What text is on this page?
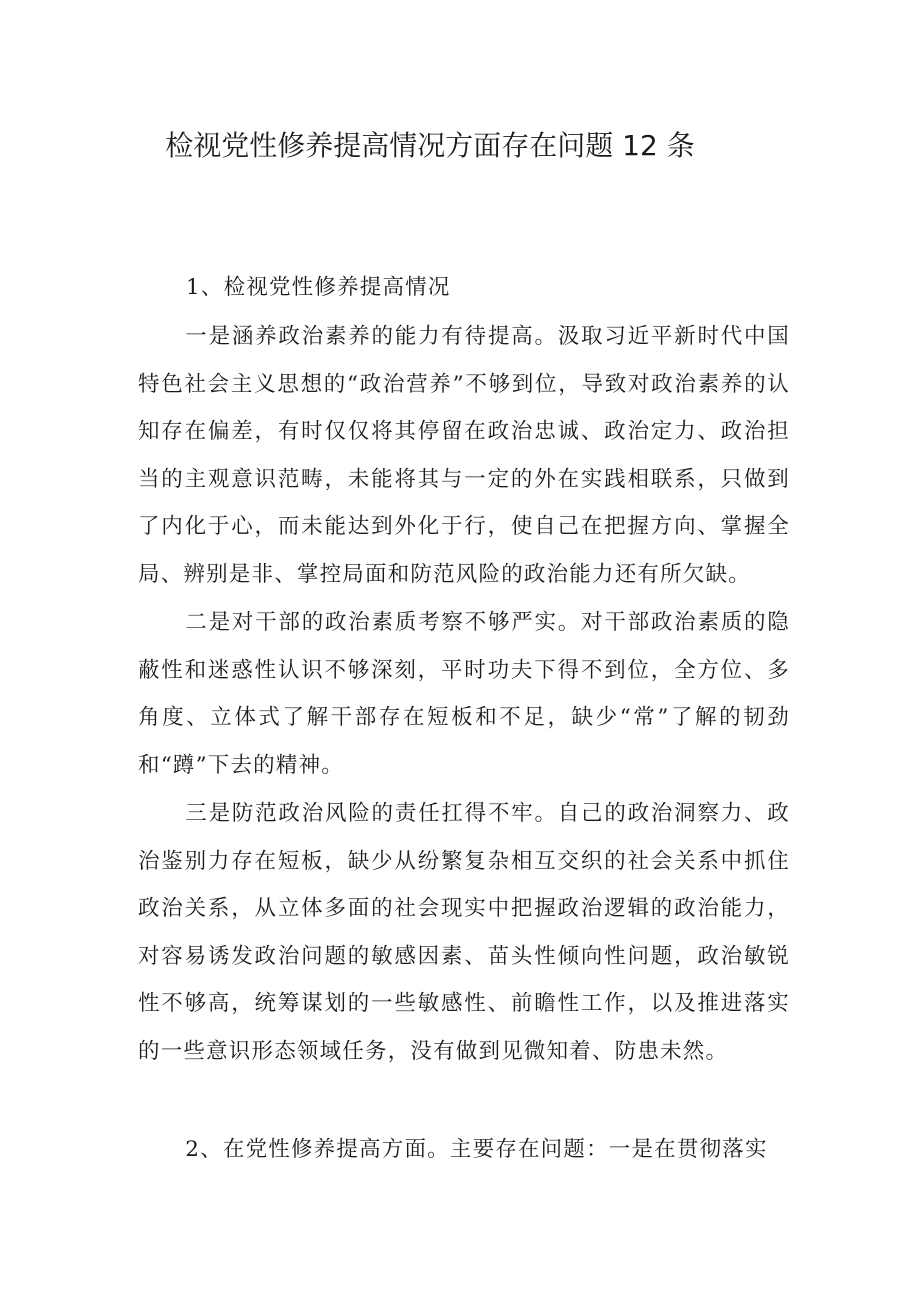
检视党性修养提高情况方面存在问题 12 条
1、检视党性修养提高情况

一是涵养政治素养的能力有待提高。汲取习近平新时代中国特色社会主义思想的“政治营养”不够到位，导致对政治素养的认知存在偏差，有时仅仅将其停留在政治忠诚、政治定力、政治担当的主观意识范畴，未能将其与一定的外在实践相联系，只做到了内化于心，而未能达到外化于行，使自己在把握方向、掌握全局、辨别是非、掌控局面和防范风险的政治能力还有所欠缺。

二是对干部的政治素质考察不够严实。对干部政治素质的隐蔽性和迷惑性认识不够深刻，平时功夫下得不到位，全方位、多角度、立体式了解干部存在短板和不足，缺少“常”了解的韧劲和“蹲”下去的精神。

三是防范政治风险的责任扛得不牢。自己的政治洞察力、政治鉴别力存在短板，缺少从纷繁复杂相互交织的社会关系中抓住政治关系，从立体多面的社会现实中把握政治逻辑的政治能力，对容易诱发政治问题的敏感因素、苗头性倾向性问题，政治敏锐性不够高，统筹谋划的一些敏感性、前瞻性工作，以及推进落实的一些意识形态领域任务，没有做到见微知着、防患未然。

2、在党性修养提高方面。主要存在问题：一是在贯彻落实
